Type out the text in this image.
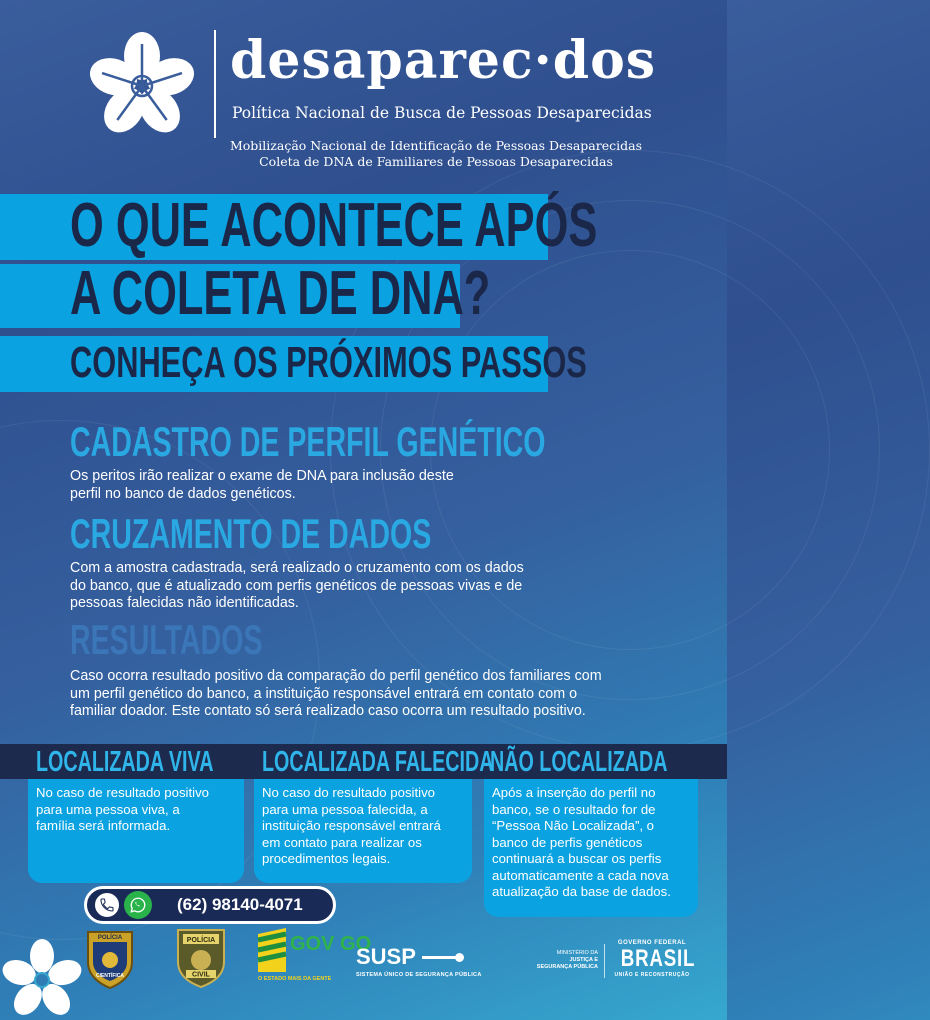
desaparec·dos
Política Nacional de Busca de Pessoas Desaparecidas
Mobilização Nacional de Identificação de Pessoas Desaparecidas
Coleta de DNA de Familiares de Pessoas Desaparecidas
O QUE ACONTECE APÓS
A COLETA DE DNA?
CONHEÇA OS PRÓXIMOS PASSOS
CADASTRO DE PERFIL GENÉTICO
Os peritos irão realizar o exame de DNA para inclusão deste
perfil no banco de dados genéticos.
CRUZAMENTO DE DADOS
Com a amostra cadastrada, será realizado o cruzamento com os dados
do banco, que é atualizado com perfis genéticos de pessoas vivas e de
pessoas falecidas não identificadas.
RESULTADOS
Caso ocorra resultado positivo da comparação do perfil genético dos familiares com
um perfil genético do banco, a instituição responsável entrará em contato com o
familiar doador. Este contato só será realizado caso ocorra um resultado positivo.
LOCALIZADA VIVA LOCALIZADA FALECIDA
NÃO LOCALIZADA
No caso de resultado positivo
para uma pessoa viva, a
família será informada.
No caso do resultado positivo
para uma pessoa falecida, a
instituição responsável entrará
em contato para realizar os
procedimentos legais.
Após a inserção do perfil no
banco, se o resultado for de
“Pessoa Não Localizada”, o
banco de perfis genéticos
continuará a buscar os perfis
automaticamente a cada nova
atualização da base de dados.
(62) 98140-4071
POLÍCIA
CIENTÍFICA
POLÍCIA
CIVIL
GOV GO
O ESTADO MAIS DA GENTE
SUSP
SISTEMA ÚNICO DE SEGURANÇA PÚBLICA
MINISTÉRIO DA
JUSTIÇA E
SEGURANÇA PÚBLICA
GOVERNO FEDERAL
BRASIL
UNIÃO E RECONSTRUÇÃO
